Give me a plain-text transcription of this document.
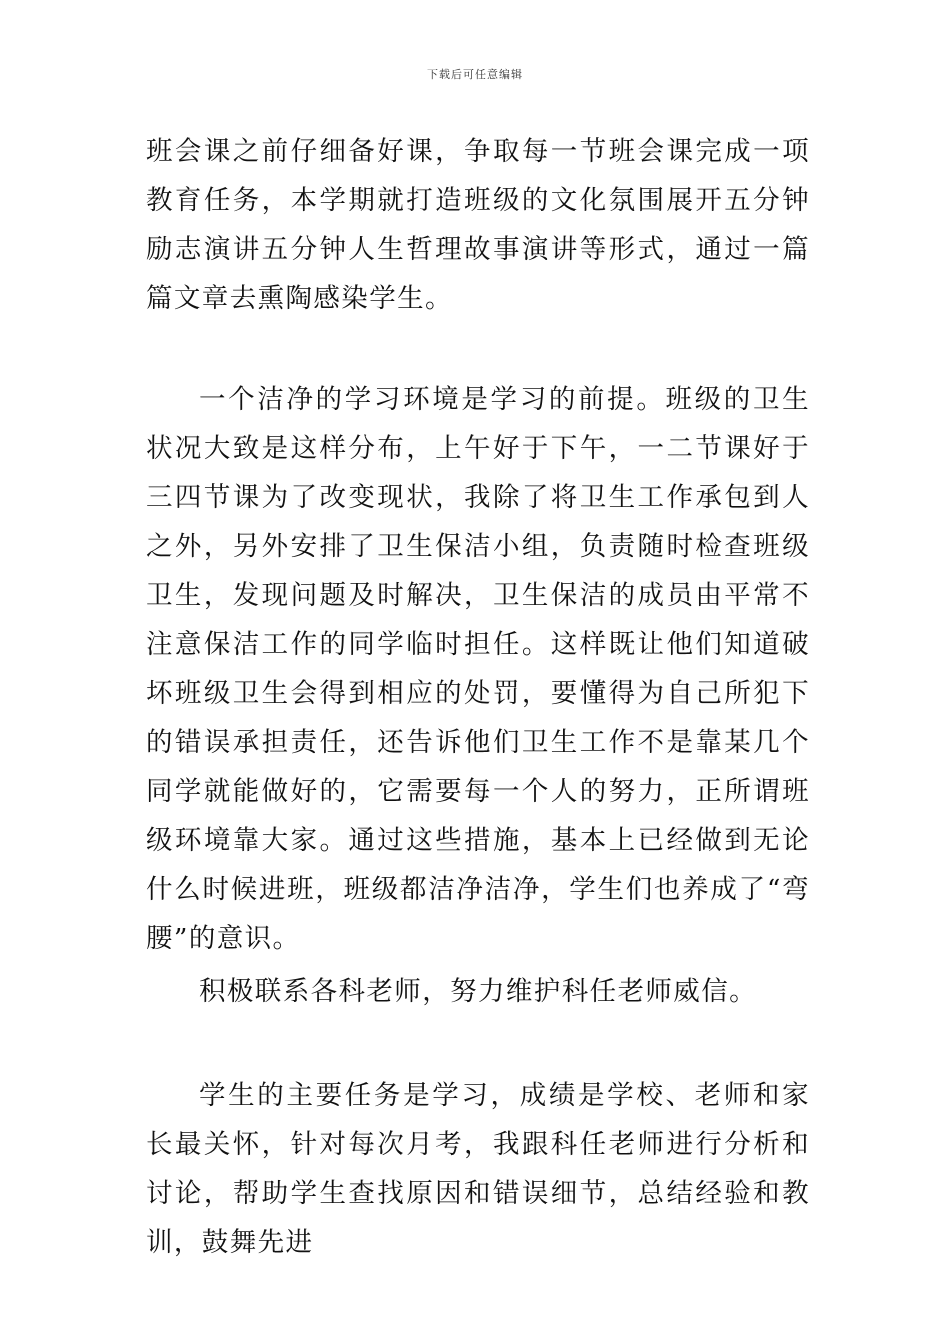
下载后可任意编辑

班会课之前仔细备好课，争取每一节班会课完成一项教育任务，本学期就打造班级的文化氛围展开五分钟励志演讲五分钟人生哲理故事演讲等形式，通过一篇篇文章去熏陶感染学生。

一个洁净的学习环境是学习的前提。班级的卫生状况大致是这样分布，上午好于下午，一二节课好于三四节课为了改变现状，我除了将卫生工作承包到人之外，另外安排了卫生保洁小组，负责随时检查班级卫生，发现问题及时解决，卫生保洁的成员由平常不注意保洁工作的同学临时担任。这样既让他们知道破坏班级卫生会得到相应的处罚，要懂得为自己所犯下的错误承担责任，还告诉他们卫生工作不是靠某几个同学就能做好的，它需要每一个人的努力，正所谓班级环境靠大家。通过这些措施，基本上已经做到无论什么时候进班，班级都洁净洁净，学生们也养成了“弯腰”的意识。

积极联系各科老师，努力维护科任老师威信。

学生的主要任务是学习，成绩是学校、老师和家长最关怀，针对每次月考，我跟科任老师进行分析和讨论，帮助学生查找原因和错误细节，总结经验和教训，鼓舞先进
